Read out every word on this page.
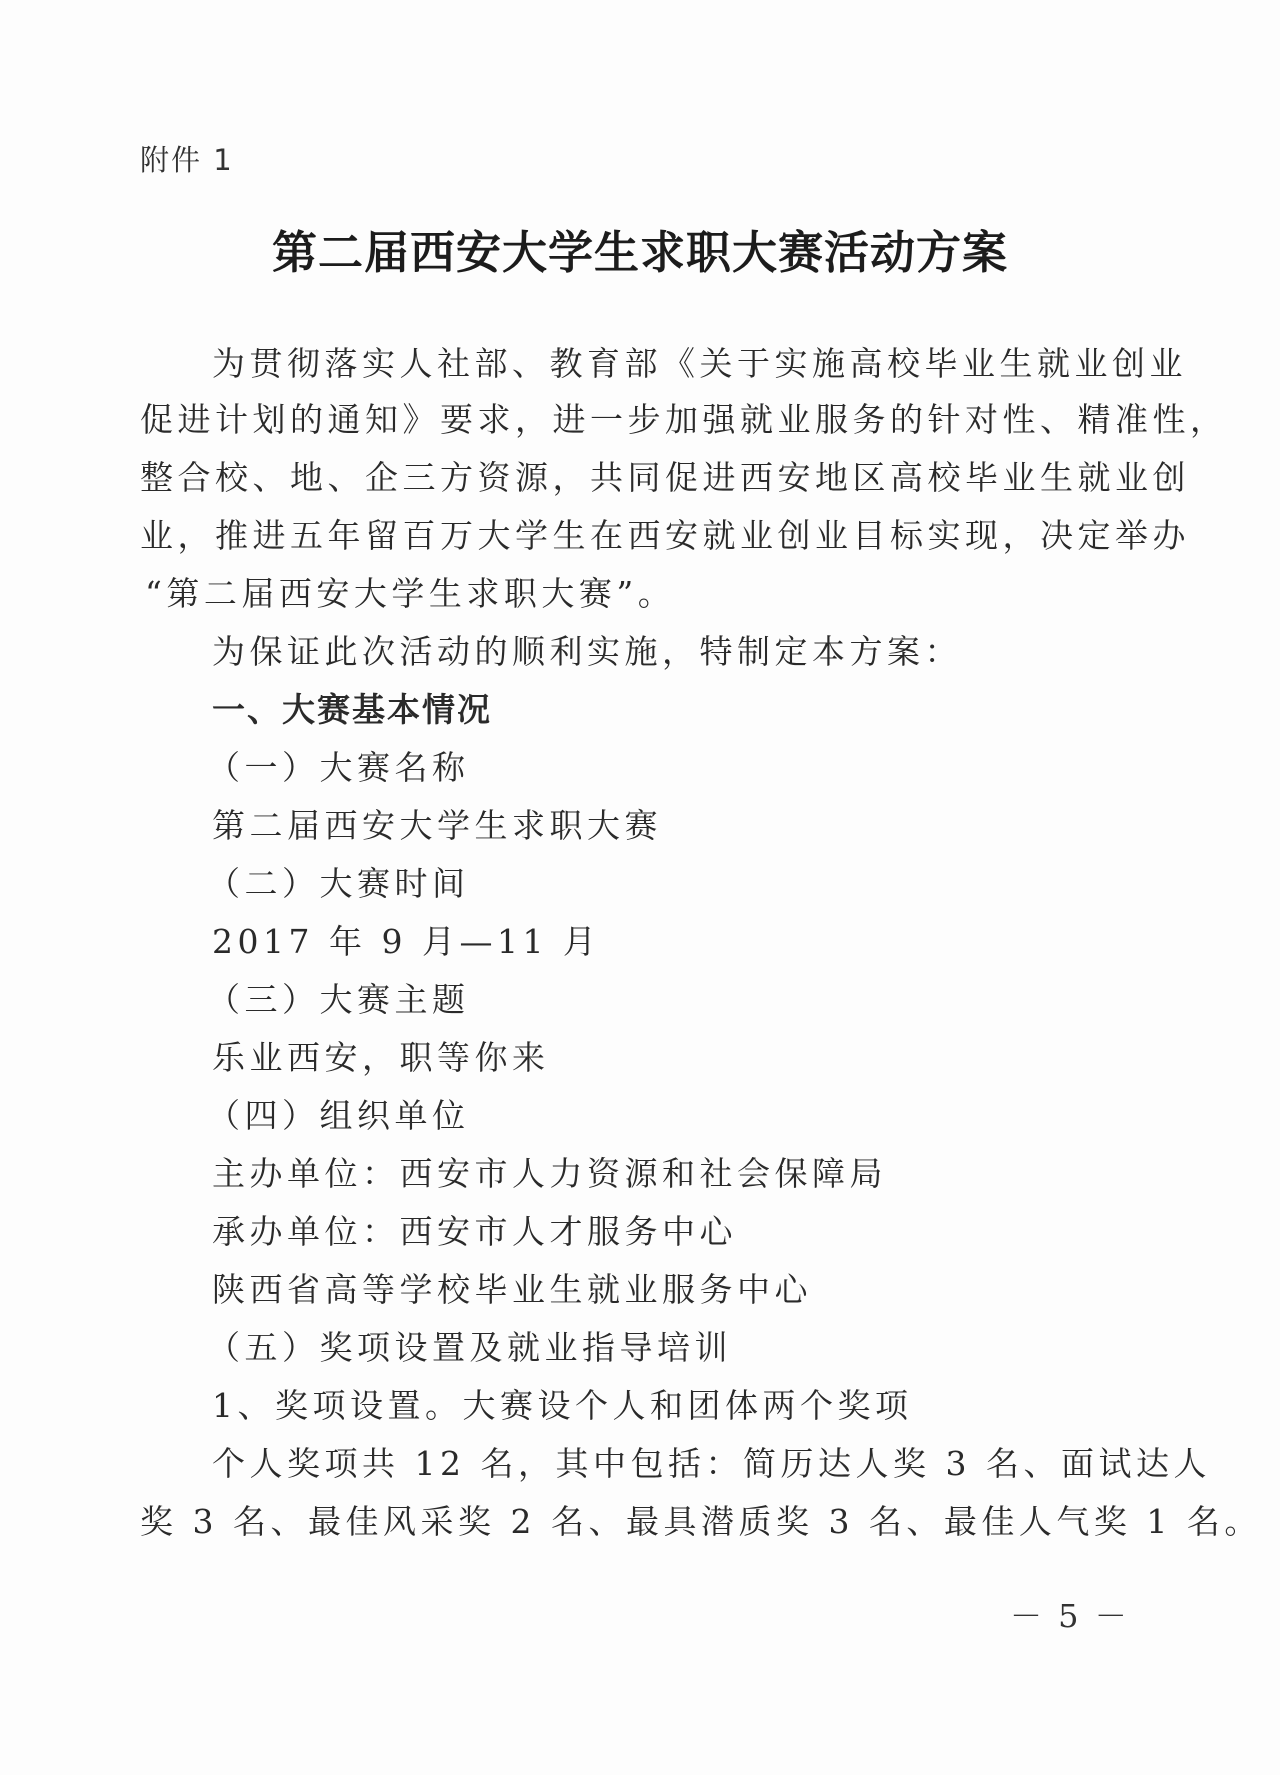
附件 1
第二届西安大学生求职大赛活动方案
为贯彻落实人社部、教育部《关于实施高校毕业生就业创业
促进计划的通知》要求，进一步加强就业服务的针对性、精准性，
整合校、地、企三方资源，共同促进西安地区高校毕业生就业创
业，推进五年留百万大学生在西安就业创业目标实现，决定举办
“第二届西安大学生求职大赛”。
为保证此次活动的顺利实施，特制定本方案：
一、大赛基本情况
（一）大赛名称
第二届西安大学生求职大赛
（二）大赛时间
2017 年 9 月—11 月
（三）大赛主题
乐业西安，职等你来
（四）组织单位
主办单位：西安市人力资源和社会保障局
承办单位：西安市人才服务中心
陕西省高等学校毕业生就业服务中心
（五）奖项设置及就业指导培训
1、奖项设置。大赛设个人和团体两个奖项
个人奖项共 12 名，其中包括：简历达人奖 3 名、面试达人
奖 3 名、最佳风采奖 2 名、最具潜质奖 3 名、最佳人气奖 1 名。
－ 5 －
